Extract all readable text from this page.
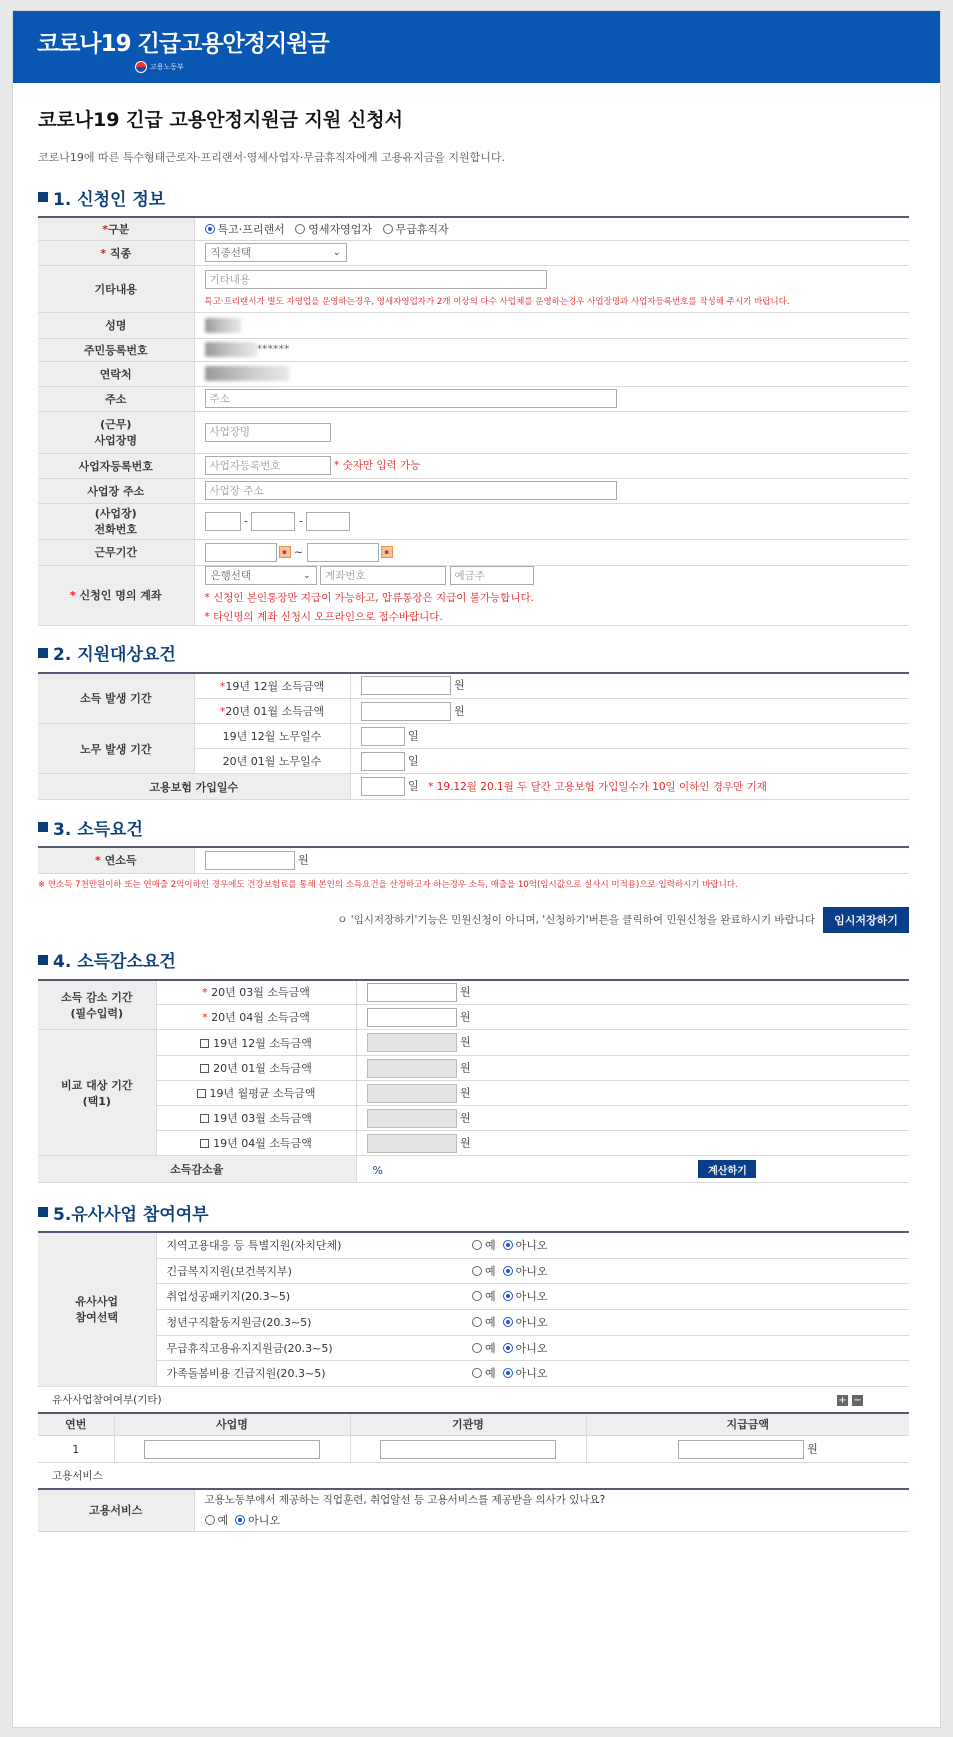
코로나19 긴급고용안정지원금
고용노동부
코로나19 긴급 고용안정지원금 지원 신청서
코로나19에 따른 특수형태근로자·프리랜서·영세사업자·무급휴직자에게 고용유지금을 지원합니다.
1. 신청인 정보
*구분	특고·프리랜서 영세자영업자 무급휴직자
* 직종	직종선택 ⌄

기타내용	기타내용

특고·프리랜서가 별도 자영업을 운영하는경우, 영세자영업자가 2개 이상의 다수 사업체를 운영하는경우 사업장명과 사업자등록번호를 작성해 주시기 바랍니다.

성명	
주민등록번호	******
연락처	
주소	주소
(근무)
사업장명	사업장명
사업자등록번호	사업자등록번호* 숫자만 입력 가능
사업장 주소	사업장 주소
(사업장)
전화번호	- -
근무기간	▪ ~ ▪
* 신청인 명의 계좌	은행선택 ⌄
계좌번호 예금주
* 신청인 본인통장만 지급이 가능하고, 압류통장은 지급이 불가능합니다.
* 타인명의 계좌 신청시 오프라인으로 접수바랍니다.
2. 지원대상요건
소득 발생 기간	*19년 12월 소득금액	원
	*20년 01월 소득금액	원
노무 발생 기간	19년 12월 노무일수	일
	20년 01월 노무일수	일
고용보험 가입일수		일 * 19.12월 20.1월 두 달간 고용보험 가입일수가 10일 이하인 경우만 기재
3. 소득요건
* 연소득	원
※ 연소득 7천만원이하 또는 연매출 2억이하인 경우에도 건강보험료를 통해 본인의 소득요건을 산정하고자 하는경우 소득, 매출을 10억(임시값으로 실사시 미적용)으로 입력하시기 바랍니다.
ㅇ '임시저장하기'기능은 민원신청이 아니며, '신청하기'버튼을 클릭하여 민원신청을 완료하시기 바랍니다	임시저장하기
4. 소득감소요건
소득 감소 기간
(필수입력)	* 20년 03월 소득금액	원
	* 20년 04월 소득금액	원
비교 대상 기간
(택1)	19년 12월 소득금액	원
	20년 01월 소득금액	원
	19년 월평균 소득금액	원
	19년 03월 소득금액	원
	19년 04월 소득금액	원
소득감소율		% 계산하기
5.유사사업 참여여부
유사사업
참여선택	지역고용대응 등 특별지원(자치단체)	예 아니오
	긴급복지지원(보건복지부)	예 아니오
	취업성공패키지(20.3~5)	예 아니오
	청년구직활동지원금(20.3~5)	예 아니오
	무급휴직고용유지지원금(20.3~5)	예 아니오
	가족돌봄비용 긴급지원(20.3~5)	예 아니오
유사사업참여여부(기타)	+ −
연번	사업명	기관명	지급금액
1			원
고용서비스
고용서비스	
고용노동부에서 제공하는 직업훈련, 취업알선 등 고용서비스를 제공받을 의사가 있나요?
예 아니오
